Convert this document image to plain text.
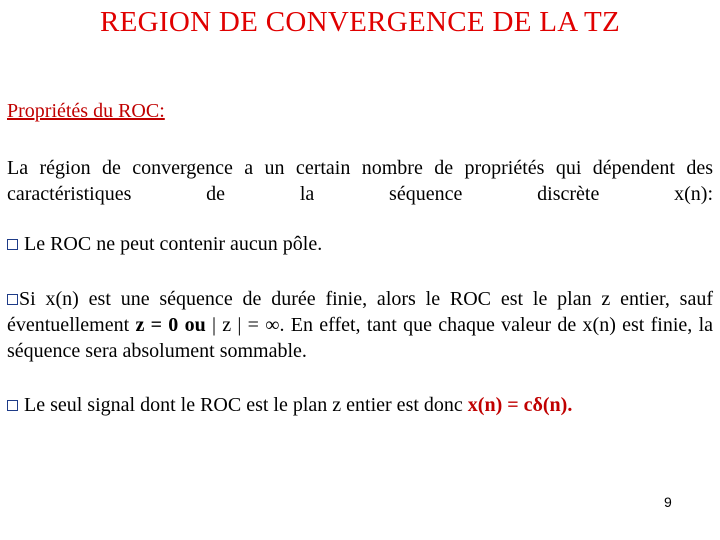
REGION DE CONVERGENCE DE LA TZ
Propriétés du ROC:
La région de convergence a un certain nombre de propriétés qui dépendent des
caractéristiques de la séquence discrète x(n):
Le ROC ne peut contenir aucun pôle.
Si x(n) est une séquence de durée finie, alors le ROC est le plan z entier, sauf éventuellement z = 0 ou | z | = ∞. En effet, tant que chaque valeur de x(n) est finie, la séquence sera absolument sommable.
Le seul signal dont le ROC est le plan z entier est donc x(n) = cδ(n).
9
